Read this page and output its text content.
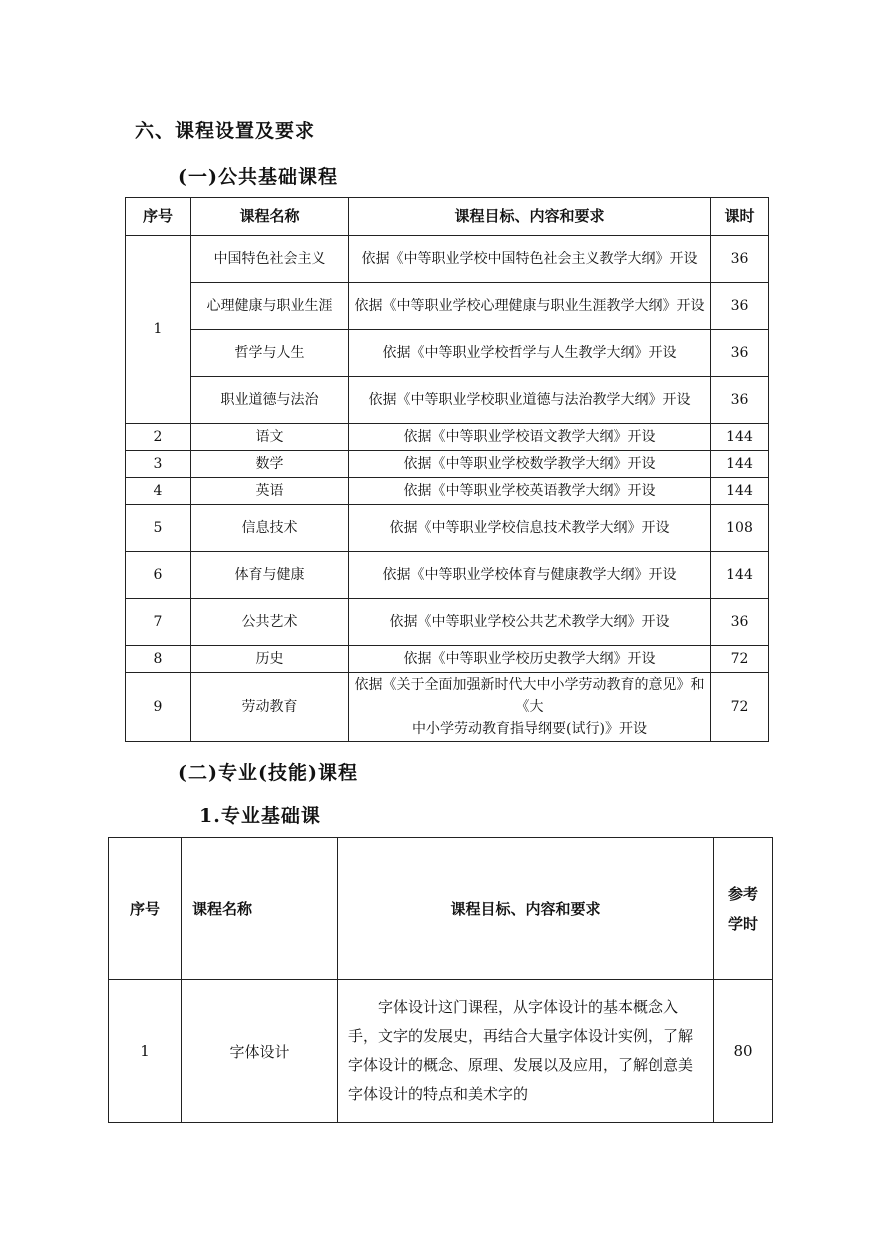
六、课程设置及要求
(一)公共基础课程
序号	课程名称	课程目标、内容和要求	课时
1	中国特色社会主义	依据《中等职业学校中国特色社会主义教学大纲》开设	36
	心理健康与职业生涯	依据《中等职业学校心理健康与职业生涯教学大纲》开设	36
	哲学与人生	依据《中等职业学校哲学与人生教学大纲》开设	36
	职业道德与法治	依据《中等职业学校职业道德与法治教学大纲》开设	36
2	语文	依据《中等职业学校语文教学大纲》开设	144
3	数学	依据《中等职业学校数学教学大纲》开设	144
4	英语	依据《中等职业学校英语教学大纲》开设	144
5	信息技术	依据《中等职业学校信息技术教学大纲》开设	108
6	体育与健康	依据《中等职业学校体育与健康教学大纲》开设	144
7	公共艺术	依据《中等职业学校公共艺术教学大纲》开设	36
8	历史	依据《中等职业学校历史教学大纲》开设	72
9	劳动教育	依据《关于全面加强新时代大中小学劳动教育的意见》和《大
中小学劳动教育指导纲要(试行)》开设	72
(二)专业(技能)课程
1.专业基础课
序号	课程名称	课程目标、内容和要求	参考
学时
1	字体设计	字体设计这门课程，从字体设计的基本概念入手，文字的发展史，再结合大量字体设计实例，了解字体设计的概念、原理、发展以及应用，了解创意美字体设计的特点和美术字的	80
